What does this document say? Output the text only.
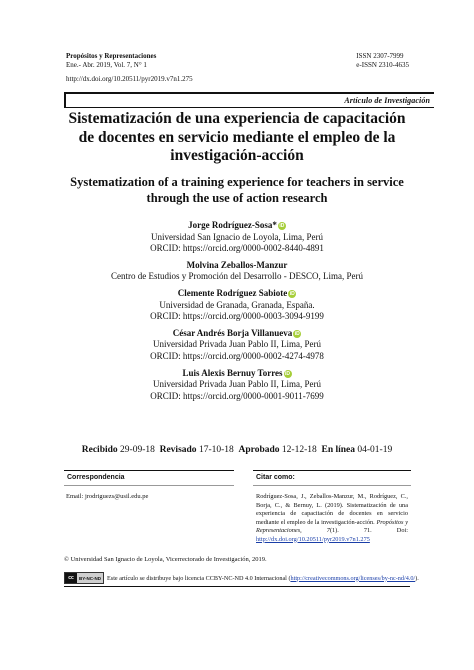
Propósitos y Representaciones
Ene.- Abr. 2019, Vol. 7, N° 1
http://dx.doi.org/10.20511/pyr2019.v7n1.275
ISSN 2307-7999
e-ISSN 2310-4635
Artículo de Investigación
Sistematización de una experiencia de capacitación de docentes en servicio mediante el empleo de la investigación-acción
Systematization of a training experience for teachers in service through the use of action research
Jorge Rodríguez-Sosa* iD
Universidad San Ignacio de Loyola, Lima, Perú
ORCID: https://orcid.org/0000-0002-8440-4891
Molvina Zeballos-Manzur
Centro de Estudios y Promoción del Desarrollo - DESCO, Lima, Perú
Clemente Rodríguez Sabiote iD
Universidad de Granada, Granada, España.
ORCID: https://orcid.org/0000-0003-3094-9199
César Andrés Borja Villanueva iD
Universidad Privada Juan Pablo II, Lima, Perú
ORCID: https://orcid.org/0000-0002-4274-4978
Luis Alexis Bernuy Torres iD
Universidad Privada Juan Pablo II, Lima, Perú
ORCID: https://orcid.org/0000-0001-9011-7699
Recibido 29-09-18 Revisado 17-10-18 Aprobado 12-12-18 En línea 04-01-19
Correspondencia	Citar como:
Email: jrodriguezs@usil.edu.pe	Rodríguez-Sosa, J., Zeballos-Manzur, M., Rodríguez, C., Borja, C., & Bernuy, L. (2019). Sistematización de una experiencia de capacitación de docentes en servicio mediante el empleo de la investigación-acción. Propósitos y Representaciones, 7(1). 71. Doi: http://dx.doi.org/10.20511/pyr2019.v7n1.275
© Universidad San Ignacio de Loyola, Vicerrectorado de Investigación, 2019.
cc	BY-NC-ND Este artículo se distribuye bajo licencia CCBY-NC-ND 4.0 Internacional ( http://creativecommons.org/licenses/by-nc-nd/4.0/ ).
